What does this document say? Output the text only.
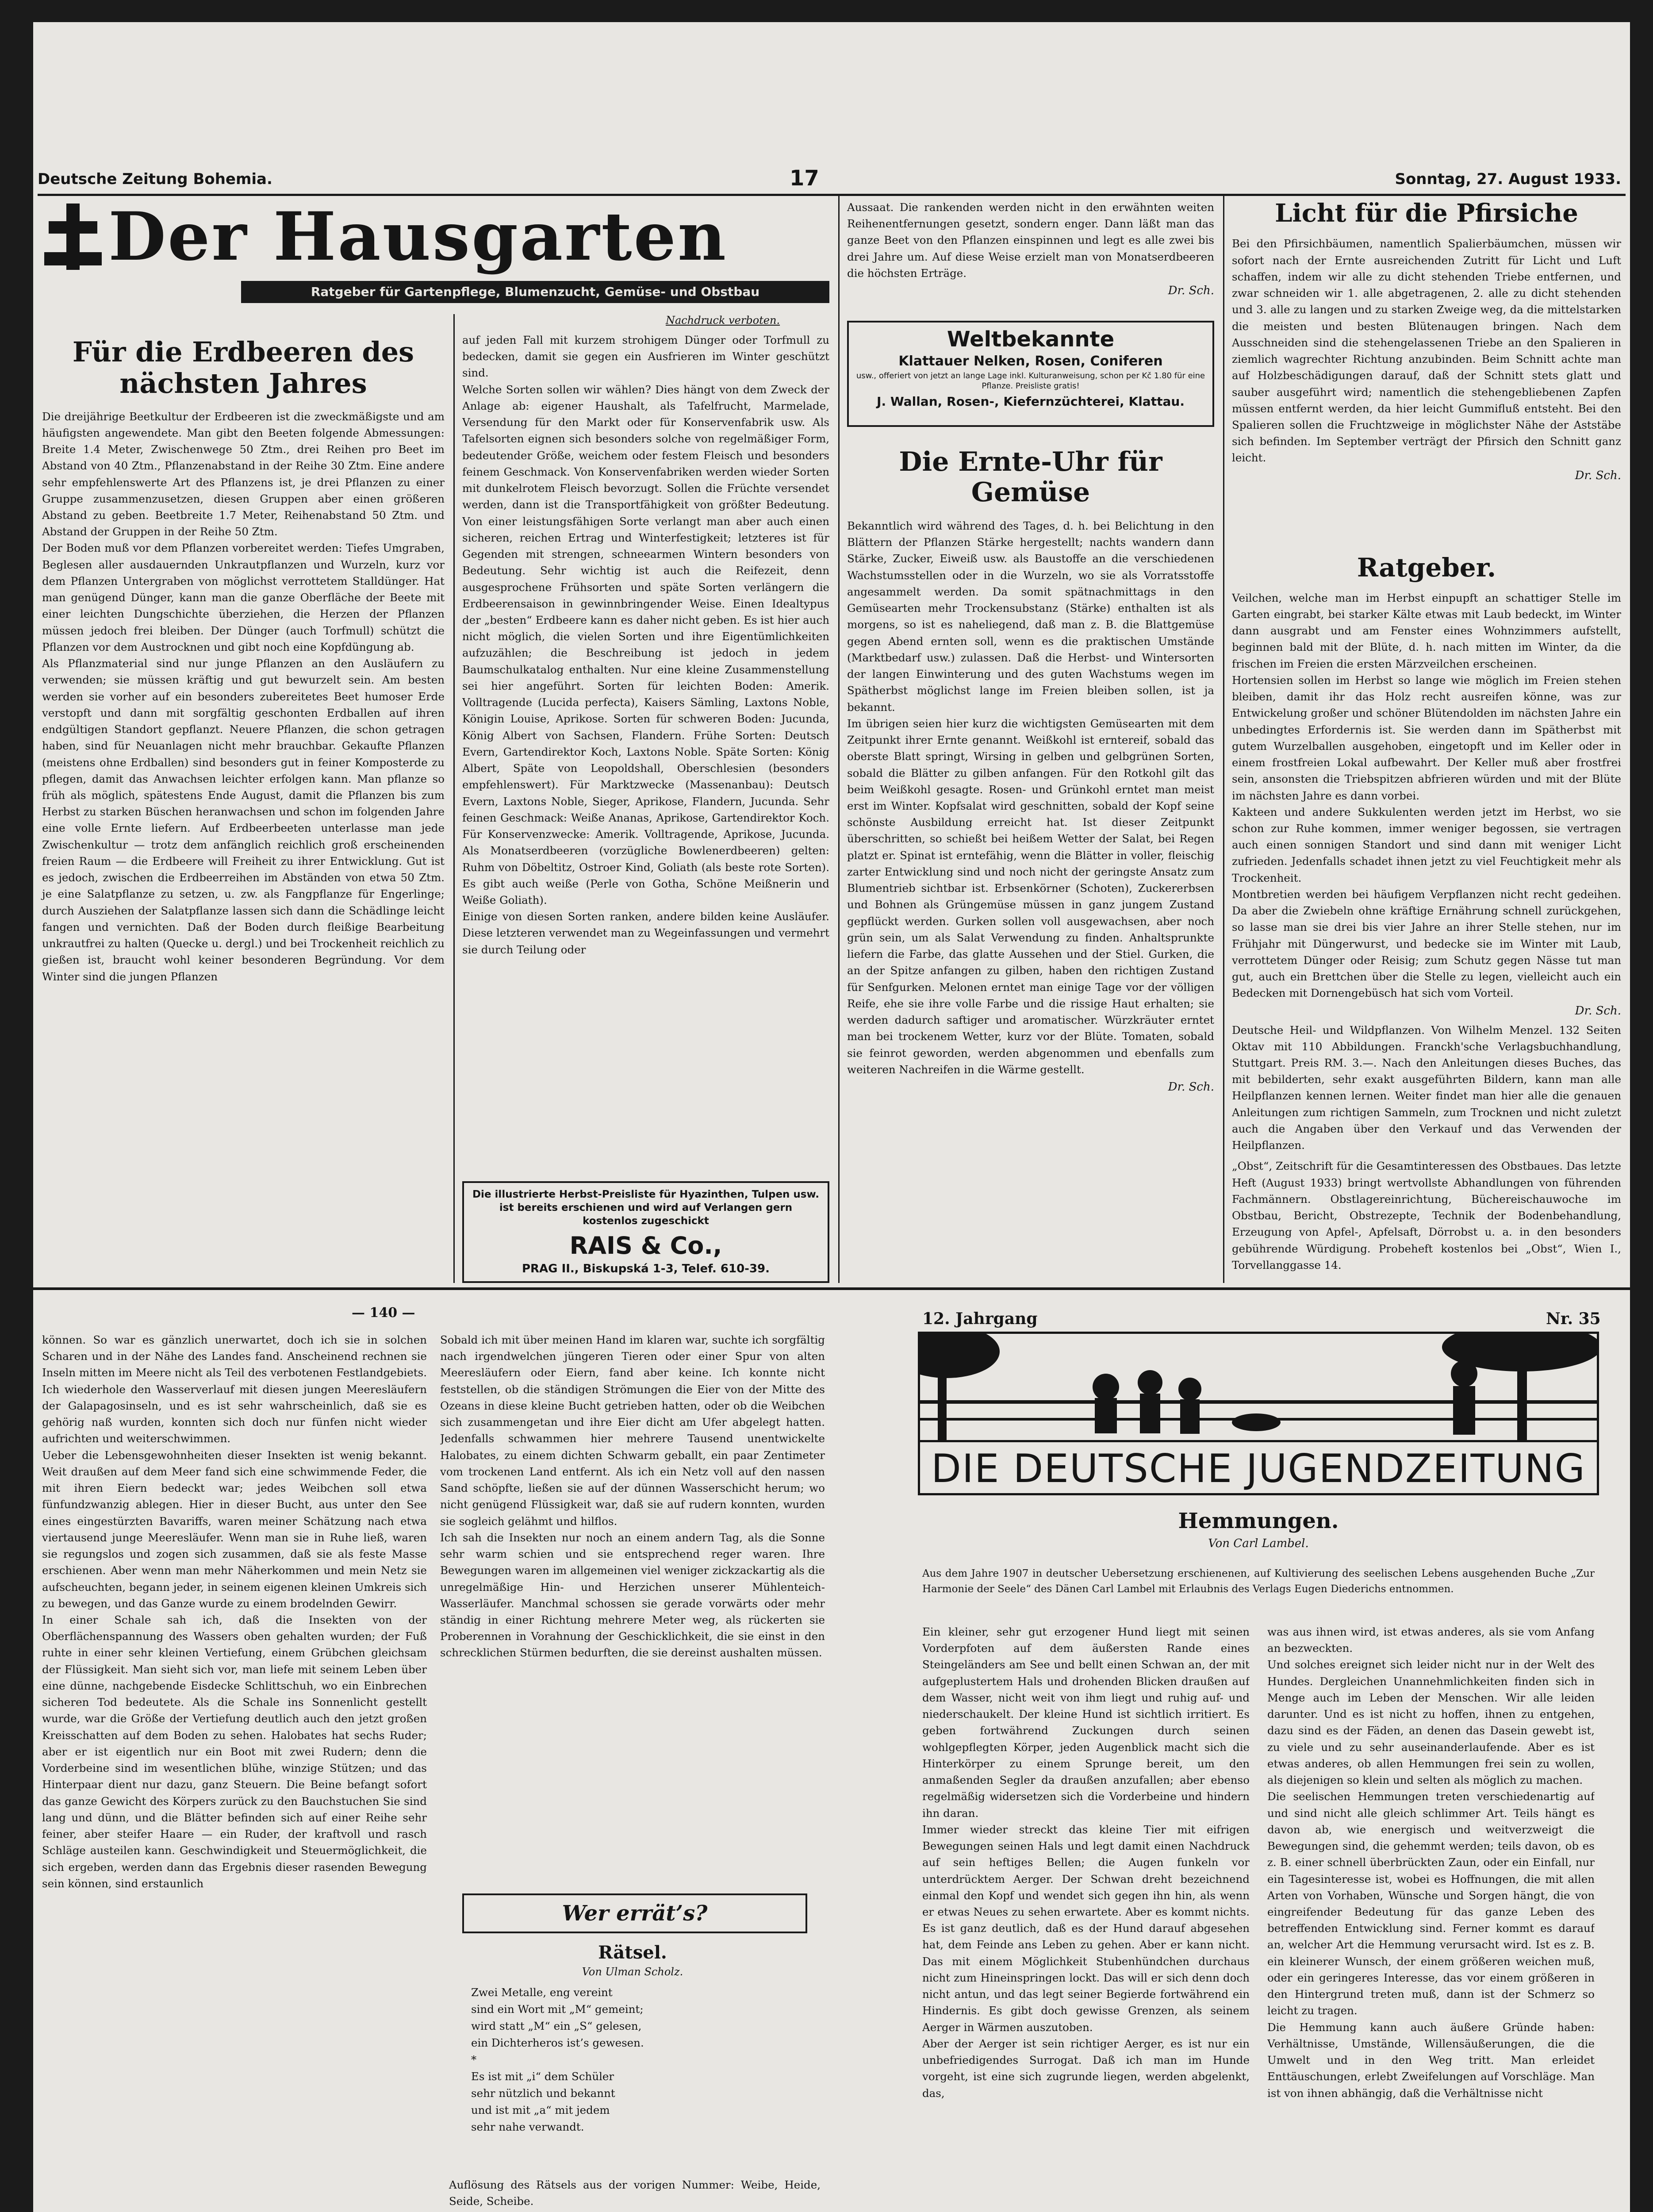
Deutsche Zeitung Bohemia.	17	Sonntag, 27. August 1933.
Der Hausgarten
Ratgeber für Gartenpflege, Blumenzucht, Gemüse- und Obstbau
Nachdruck verboten.
Für die Erdbeeren des nächsten Jahres

Die dreijährige Beetkultur der Erdbeeren ist die zweckmäßigste und am häufigsten angewendete. Man gibt den Beeten folgende Abmessungen: Breite 1.4 Meter, Zwischenwege 50 Ztm., drei Reihen pro Beet im Abstand von 40 Ztm., Pflanzenabstand in der Reihe 30 Ztm. Eine andere sehr empfehlenswerte Art des Pflanzens ist, je drei Pflanzen zu einer Gruppe zusammenzusetzen, diesen Gruppen aber einen größeren Abstand zu geben. Beetbreite 1.7 Meter, Reihenabstand 50 Ztm. und Abstand der Gruppen in der Reihe 50 Ztm.
Der Boden muß vor dem Pflanzen vorbereitet werden: Tiefes Umgraben, Beglesen aller ausdauernden Unkrautpflanzen und Wurzeln, kurz vor dem Pflanzen Untergraben von möglichst verrottetem Stalldünger. Hat man genügend Dünger, kann man die ganze Oberfläche der Beete mit einer leichten Dungschichte überziehen, die Herzen der Pflanzen müssen jedoch frei bleiben. Der Dünger (auch Torfmull) schützt die Pflanzen vor dem Austrocknen und gibt noch eine Kopfdüngung ab.
Als Pflanzmaterial sind nur junge Pflanzen an den Ausläufern zu verwenden; sie müssen kräftig und gut bewurzelt sein. Am besten werden sie vorher auf ein besonders zubereitetes Beet humoser Erde verstopft und dann mit sorgfältig geschonten Erdballen auf ihren endgültigen Standort gepflanzt. Neuere Pflanzen, die schon getragen haben, sind für Neuanlagen nicht mehr brauchbar. Gekaufte Pflanzen (meistens ohne Erdballen) sind besonders gut in feiner Komposterde zu pflegen, damit das Anwachsen leichter erfolgen kann. Man pflanze so früh als möglich, spätestens Ende August, damit die Pflanzen bis zum Herbst zu starken Büschen heranwachsen und schon im folgenden Jahre eine volle Ernte liefern. Auf Erdbeerbeeten unterlasse man jede Zwischenkultur — trotz dem anfänglich reichlich groß erscheinenden freien Raum — die Erdbeere will Freiheit zu ihrer Entwicklung. Gut ist es jedoch, zwischen die Erdbeerreihen im Abständen von etwa 50 Ztm. je eine Salatpflanze zu setzen, u. zw. als Fangpflanze für Engerlinge; durch Ausziehen der Salatpflanze lassen sich dann die Schädlinge leicht fangen und vernichten. Daß der Boden durch fleißige Bearbeitung unkrautfrei zu halten (Quecke u. dergl.) und bei Trockenheit reichlich zu gießen ist, braucht wohl keiner besonderen Begründung. Vor dem Winter sind die jungen Pflanzen

auf jeden Fall mit kurzem strohigem Dünger oder Torfmull zu bedecken, damit sie gegen ein Ausfrieren im Winter geschützt sind.
Welche Sorten sollen wir wählen? Dies hängt von dem Zweck der Anlage ab: eigener Haushalt, als Tafelfrucht, Marmelade, Versendung für den Markt oder für Konservenfabrik usw. Als Tafelsorten eignen sich besonders solche von regelmäßiger Form, bedeutender Größe, weichem oder festem Fleisch und besonders feinem Geschmack. Von Konservenfabriken werden wieder Sorten mit dunkelrotem Fleisch bevorzugt. Sollen die Früchte versendet werden, dann ist die Transportfähigkeit von größter Bedeutung. Von einer leistungsfähigen Sorte verlangt man aber auch einen sicheren, reichen Ertrag und Winterfestigkeit; letzteres ist für Gegenden mit strengen, schneearmen Wintern besonders von Bedeutung. Sehr wichtig ist auch die Reifezeit, denn ausgesprochene Frühsorten und späte Sorten verlängern die Erdbeerensaison in gewinnbringender Weise. Einen Idealtypus der „besten“ Erdbeere kann es daher nicht geben. Es ist hier auch nicht möglich, die vielen Sorten und ihre Eigentümlichkeiten aufzuzählen; die Beschreibung ist jedoch in jedem Baumschulkatalog enthalten. Nur eine kleine Zusammenstellung sei hier angeführt. Sorten für leichten Boden: Amerik. Volltragende (Lucida perfecta), Kaisers Sämling, Laxtons Noble, Königin Louise, Aprikose. Sorten für schweren Boden: Jucunda, König Albert von Sachsen, Flandern. Frühe Sorten: Deutsch Evern, Gartendirektor Koch, Laxtons Noble. Späte Sorten: König Albert, Späte von Leopoldshall, Oberschlesien (besonders empfehlenswert). Für Marktzwecke (Massenanbau): Deutsch Evern, Laxtons Noble, Sieger, Aprikose, Flandern, Jucunda. Sehr feinen Geschmack: Weiße Ananas, Aprikose, Gartendirektor Koch. Für Konservenzwecke: Amerik. Volltragende, Aprikose, Jucunda. Als Monatserdbeeren (vorzügliche Bowlenerdbeeren) gelten: Ruhm von Döbeltitz, Ostroer Kind, Goliath (als beste rote Sorten). Es gibt auch weiße (Perle von Gotha, Schöne Meißnerin und Weiße Goliath).
Einige von diesen Sorten ranken, andere bilden keine Ausläufer. Diese letzteren verwendet man zu Wegeinfassungen und vermehrt sie durch Teilung oder

Die illustrierte Herbst-Preisliste für Hyazinthen, Tulpen usw. ist bereits erschienen und wird auf Verlangen gern kostenlos zugeschickt
RAIS & Co.,
PRAG II., Biskupská 1-3, Telef. 610-39.

Aussaat. Die rankenden werden nicht in den erwähnten weiten Reihenentfernungen gesetzt, sondern enger. Dann läßt man das ganze Beet von den Pflanzen einspinnen und legt es alle zwei bis drei Jahre um. Auf diese Weise erzielt man von Monatserdbeeren die höchsten Erträge.

Dr. Sch.

Weltbekannte
Klattauer Nelken, Rosen, Coniferen
usw., offeriert von jetzt an lange Lage inkl. Kulturanweisung, schon per Kč 1.80 für eine Pflanze. Preisliste gratis!
J. Wallan, Rosen-, Kiefernzüchterei, Klattau.
Die Ernte-Uhr für Gemüse

Bekanntlich wird während des Tages, d. h. bei Belichtung in den Blättern der Pflanzen Stärke hergestellt; nachts wandern dann Stärke, Zucker, Eiweiß usw. als Baustoffe an die verschiedenen Wachstumsstellen oder in die Wurzeln, wo sie als Vorratsstoffe angesammelt werden. Da somit spätnachmittags in den Gemüsearten mehr Trockensubstanz (Stärke) enthalten ist als morgens, so ist es naheliegend, daß man z. B. die Blattgemüse gegen Abend ernten soll, wenn es die praktischen Umstände (Marktbedarf usw.) zulassen. Daß die Herbst- und Wintersorten der langen Einwinterung und des guten Wachstums wegen im Spätherbst möglichst lange im Freien bleiben sollen, ist ja bekannt.
Im übrigen seien hier kurz die wichtigsten Gemüsearten mit dem Zeitpunkt ihrer Ernte genannt. Weißkohl ist erntereif, sobald das oberste Blatt springt, Wirsing in gelben und gelbgrünen Sorten, sobald die Blätter zu gilben anfangen. Für den Rotkohl gilt das beim Weißkohl gesagte. Rosen- und Grünkohl erntet man meist erst im Winter. Kopfsalat wird geschnitten, sobald der Kopf seine schönste Ausbildung erreicht hat. Ist dieser Zeitpunkt überschritten, so schießt bei heißem Wetter der Salat, bei Regen platzt er. Spinat ist erntefähig, wenn die Blätter in voller, fleischig zarter Entwicklung sind und noch nicht der geringste Ansatz zum Blumentrieb sichtbar ist. Erbsenkörner (Schoten), Zuckererbsen und Bohnen als Grüngemüse müssen in ganz jungem Zustand gepflückt werden. Gurken sollen voll ausgewachsen, aber noch grün sein, um als Salat Verwendung zu finden. Anhaltsprunkte liefern die Farbe, das glatte Aussehen und der Stiel. Gurken, die an der Spitze anfangen zu gilben, haben den richtigen Zustand für Senfgurken. Melonen erntet man einige Tage vor der völligen Reife, ehe sie ihre volle Farbe und die rissige Haut erhalten; sie werden dadurch saftiger und aromatischer. Würzkräuter erntet man bei trockenem Wetter, kurz vor der Blüte. Tomaten, sobald sie feinrot geworden, werden abgenommen und ebenfalls zum weiteren Nachreifen in die Wärme gestellt.

Dr. Sch.

Licht für die Pfirsiche

Bei den Pfirsichbäumen, namentlich Spalierbäumchen, müssen wir sofort nach der Ernte ausreichenden Zutritt für Licht und Luft schaffen, indem wir alle zu dicht stehenden Triebe entfernen, und zwar schneiden wir 1. alle abgetragenen, 2. alle zu dicht stehenden und 3. alle zu langen und zu starken Zweige weg, da die mittelstarken die meisten und besten Blütenaugen bringen. Nach dem Ausschneiden sind die stehengelassenen Triebe an den Spalieren in ziemlich wagrechter Richtung anzubinden. Beim Schnitt achte man auf Holzbeschädigungen darauf, daß der Schnitt stets glatt und sauber ausgeführt wird; namentlich die stehengebliebenen Zapfen müssen entfernt werden, da hier leicht Gummifluß entsteht. Bei den Spalieren sollen die Fruchtzweige in möglichster Nähe der Aststäbe sich befinden. Im September verträgt der Pfirsich den Schnitt ganz leicht.

Dr. Sch.

Ratgeber.

Veilchen, welche man im Herbst einpupft an schattiger Stelle im Garten eingrabt, bei starker Kälte etwas mit Laub bedeckt, im Winter dann ausgrabt und am Fenster eines Wohnzimmers aufstellt, beginnen bald mit der Blüte, d. h. nach mitten im Winter, da die frischen im Freien die ersten Märzveilchen erscheinen.
Hortensien sollen im Herbst so lange wie möglich im Freien stehen bleiben, damit ihr das Holz recht ausreifen könne, was zur Entwickelung großer und schöner Blütendolden im nächsten Jahre ein unbedingtes Erfordernis ist. Sie werden dann im Spätherbst mit gutem Wurzelballen ausgehoben, eingetopft und im Keller oder in einem frostfreien Lokal aufbewahrt. Der Keller muß aber frostfrei sein, ansonsten die Triebspitzen abfrieren würden und mit der Blüte im nächsten Jahre es dann vorbei.
Kakteen und andere Sukkulenten werden jetzt im Herbst, wo sie schon zur Ruhe kommen, immer weniger begossen, sie vertragen auch einen sonnigen Standort und sind dann mit weniger Licht zufrieden. Jedenfalls schadet ihnen jetzt zu viel Feuchtigkeit mehr als Trockenheit.
Montbretien werden bei häufigem Verpflanzen nicht recht gedeihen. Da aber die Zwiebeln ohne kräftige Ernährung schnell zurückgehen, so lasse man sie drei bis vier Jahre an ihrer Stelle stehen, nur im Frühjahr mit Düngerwurst, und bedecke sie im Winter mit Laub, verrottetem Dünger oder Reisig; zum Schutz gegen Nässe tut man gut, auch ein Brettchen über die Stelle zu legen, vielleicht auch ein Bedecken mit Dornengebüsch hat sich vom Vorteil.

Dr. Sch.

Deutsche Heil- und Wildpflanzen. Von Wilhelm Menzel. 132 Seiten Oktav mit 110 Abbildungen. Franckh'sche Verlagsbuchhandlung, Stuttgart. Preis RM. 3.—. Nach den Anleitungen dieses Buches, das mit bebilderten, sehr exakt ausgeführten Bildern, kann man alle Heilpflanzen kennen lernen. Weiter findet man hier alle die genauen Anleitungen zum richtigen Sammeln, zum Trocknen und nicht zuletzt auch die Angaben über den Verkauf und das Verwenden der Heilpflanzen.

„Obst“, Zeitschrift für die Gesamtinteressen des Obstbaues. Das letzte Heft (August 1933) bringt wertvollste Abhandlungen von führenden Fachmännern. Obstlagereinrichtung, Büchereischauwoche im Obstbau, Bericht, Obstrezepte, Technik der Bodenbehandlung, Erzeugung von Apfel-, Apfelsaft, Dörrobst u. a. in den besonders gebührende Würdigung. Probeheft kostenlos bei „Obst“, Wien I., Torvellanggasse 14.

— 140 —

können. So war es gänzlich unerwartet, doch ich sie in solchen Scharen und in der Nähe des Landes fand. Anscheinend rechnen sie Inseln mitten im Meere nicht als Teil des verbotenen Festlandgebiets. Ich wiederhole den Wasserverlauf mit diesen jungen Meeresläufern der Galapagosinseln, und es ist sehr wahrscheinlich, daß sie es gehörig naß wurden, konnten sich doch nur fünfen nicht wieder aufrichten und weiterschwimmen.
Ueber die Lebensgewohnheiten dieser Insekten ist wenig bekannt. Weit draußen auf dem Meer fand sich eine schwimmende Feder, die mit ihren Eiern bedeckt war; jedes Weibchen soll etwa fünfundzwanzig ablegen. Hier in dieser Bucht, aus unter den See eines eingestürzten Bavariffs, waren meiner Schätzung nach etwa viertausend junge Meeresläufer. Wenn man sie in Ruhe ließ, waren sie regungslos und zogen sich zusammen, daß sie als feste Masse erschienen. Aber wenn man mehr Näherkommen und mein Netz sie aufscheuchten, begann jeder, in seinem eigenen kleinen Umkreis sich zu bewegen, und das Ganze wurde zu einem brodelnden Gewirr.
In einer Schale sah ich, daß die Insekten von der Oberflächenspannung des Wassers oben gehalten wurden; der Fuß ruhte in einer sehr kleinen Vertiefung, einem Grübchen gleichsam der Flüssigkeit. Man sieht sich vor, man liefe mit seinem Leben über eine dünne, nachgebende Eisdecke Schlittschuh, wo ein Einbrechen sicheren Tod bedeutete. Als die Schale ins Sonnenlicht gestellt wurde, war die Größe der Vertiefung deutlich auch den jetzt großen Kreisschatten auf dem Boden zu sehen. Halobates hat sechs Ruder; aber er ist eigentlich nur ein Boot mit zwei Rudern; denn die Vorderbeine sind im wesentlichen blühe, winzige Stützen; und das Hinterpaar dient nur dazu, ganz Steuern. Die Beine befangt sofort das ganze Gewicht des Körpers zurück zu den Bauchstuchen Sie sind lang und dünn, und die Blätter befinden sich auf einer Reihe sehr feiner, aber steifer Haare — ein Ruder, der kraftvoll und rasch Schläge austeilen kann. Geschwindigkeit und Steuermöglichkeit, die sich ergeben, werden dann das Ergebnis dieser rasenden Bewegung sein können, sind erstaunlich

Sobald ich mit über meinen Hand im klaren war, suchte ich sorgfältig nach irgendwelchen jüngeren Tieren oder einer Spur von alten Meeresläufern oder Eiern, fand aber keine. Ich konnte nicht feststellen, ob die ständigen Strömungen die Eier von der Mitte des Ozeans in diese kleine Bucht getrieben hatten, oder ob die Weibchen sich zusammengetan und ihre Eier dicht am Ufer abgelegt hatten. Jedenfalls schwammen hier mehrere Tausend unentwickelte Halobates, zu einem dichten Schwarm geballt, ein paar Zentimeter vom trockenen Land entfernt. Als ich ein Netz voll auf den nassen Sand schöpfte, ließen sie auf der dünnen Wasserschicht herum; wo nicht genügend Flüssigkeit war, daß sie auf rudern konnten, wurden sie sogleich gelähmt und hilflos.
Ich sah die Insekten nur noch an einem andern Tag, als die Sonne sehr warm schien und sie entsprechend reger waren. Ihre Bewegungen waren im allgemeinen viel weniger zickzackartig als die unregelmäßige Hin- und Herzichen unserer Mühlenteich-Wasserläufer. Manchmal schossen sie gerade vorwärts oder mehr ständig in einer Richtung mehrere Meter weg, als rückerten sie Proberennen in Vorahnung der Geschicklichkeit, die sie einst in den schrecklichen Stürmen bedurften, die sie dereinst aushalten müssen.

Wer errät’s?
Rätsel.
Von Ulman Scholz.

Zwei Metalle, eng vereint
sind ein Wort mit „M“ gemeint;
wird statt „M“ ein „S“ gelesen,
ein Dichterheros ist’s gewesen.
*
Es ist mit „i“ dem Schüler
sehr nützlich und bekannt
und ist mit „a“ mit jedem
sehr nahe verwandt.

Auflösung des Rätsels aus der vorigen Nummer: Weibe, Heide, Seide, Scheibe.

12. Jahrgang	Nr. 35
DIE DEUTSCHE JUGENDZEITUNG
Hemmungen.
Von Carl Lambel.

Aus dem Jahre 1907 in deutscher Uebersetzung erschienenen, auf Kultivierung des seelischen Lebens ausgehenden Buche „Zur Harmonie der Seele“ des Dänen Carl Lambel mit Erlaubnis des Verlags Eugen Diederichs entnommen.

Ein kleiner, sehr gut erzogener Hund liegt mit seinen Vorderpfoten auf dem äußersten Rande eines Steingeländers am See und bellt einen Schwan an, der mit aufgeplustertem Hals und drohenden Blicken draußen auf dem Wasser, nicht weit von ihm liegt und ruhig auf- und niederschaukelt. Der kleine Hund ist sichtlich irritiert. Es geben fortwährend Zuckungen durch seinen wohlgepflegten Körper, jeden Augenblick macht sich die Hinterkörper zu einem Sprunge bereit, um den anmaßenden Segler da draußen anzufallen; aber ebenso regelmäßig widersetzen sich die Vorderbeine und hindern ihn daran.
Immer wieder streckt das kleine Tier mit eifrigen Bewegungen seinen Hals und legt damit einen Nachdruck auf sein heftiges Bellen; die Augen funkeln vor unterdrücktem Aerger. Der Schwan dreht bezeichnend einmal den Kopf und wendet sich gegen ihn hin, als wenn er etwas Neues zu sehen erwartete. Aber es kommt nichts. Es ist ganz deutlich, daß es der Hund darauf abgesehen hat, dem Feinde ans Leben zu gehen. Aber er kann nicht. Das mit einem Möglichkeit Stubenhündchen durchaus nicht zum Hineinspringen lockt. Das will er sich denn doch nicht antun, und das legt seiner Begierde fortwährend ein Hindernis. Es gibt doch gewisse Grenzen, als seinem Aerger in Wärmen auszutoben.
Aber der Aerger ist sein richtiger Aerger, es ist nur ein unbefriedigendes Surrogat. Daß ich man im Hunde vorgeht, ist eine sich zugrunde liegen, werden abgelenkt, das,

was aus ihnen wird, ist etwas anderes, als sie vom Anfang an bezweckten.
Und solches ereignet sich leider nicht nur in der Welt des Hundes. Dergleichen Unannehmlichkeiten finden sich in Menge auch im Leben der Menschen. Wir alle leiden darunter. Und es ist nicht zu hoffen, ihnen zu entgehen, dazu sind es der Fäden, an denen das Dasein gewebt ist, zu viele und zu sehr auseinanderlaufende. Aber es ist etwas anderes, ob allen Hemmungen frei sein zu wollen, als diejenigen so klein und selten als möglich zu machen.
Die seelischen Hemmungen treten verschiedenartig auf und sind nicht alle gleich schlimmer Art. Teils hängt es davon ab, wie energisch und weitverzweigt die Bewegungen sind, die gehemmt werden; teils davon, ob es z. B. einer schnell überbrückten Zaun, oder ein Einfall, nur ein Tagesinteresse ist, wobei es Hoffnungen, die mit allen Arten von Vorhaben, Wünsche und Sorgen hängt, die von eingreifender Bedeutung für das ganze Leben des betreffenden Entwicklung sind. Ferner kommt es darauf an, welcher Art die Hemmung verursacht wird. Ist es z. B. ein kleinerer Wunsch, der einem größeren weichen muß, oder ein geringeres Interesse, das vor einem größeren in den Hintergrund treten muß, dann ist der Schmerz so leicht zu tragen.
Die Hemmung kann auch äußere Gründe haben: Verhältnisse, Umstände, Willensäußerungen, die die Umwelt und in den Weg tritt. Man erleidet Enttäuschungen, erlebt Zweifelungen auf Vorschläge. Man ist von ihnen abhängig, daß die Verhältnisse nicht
